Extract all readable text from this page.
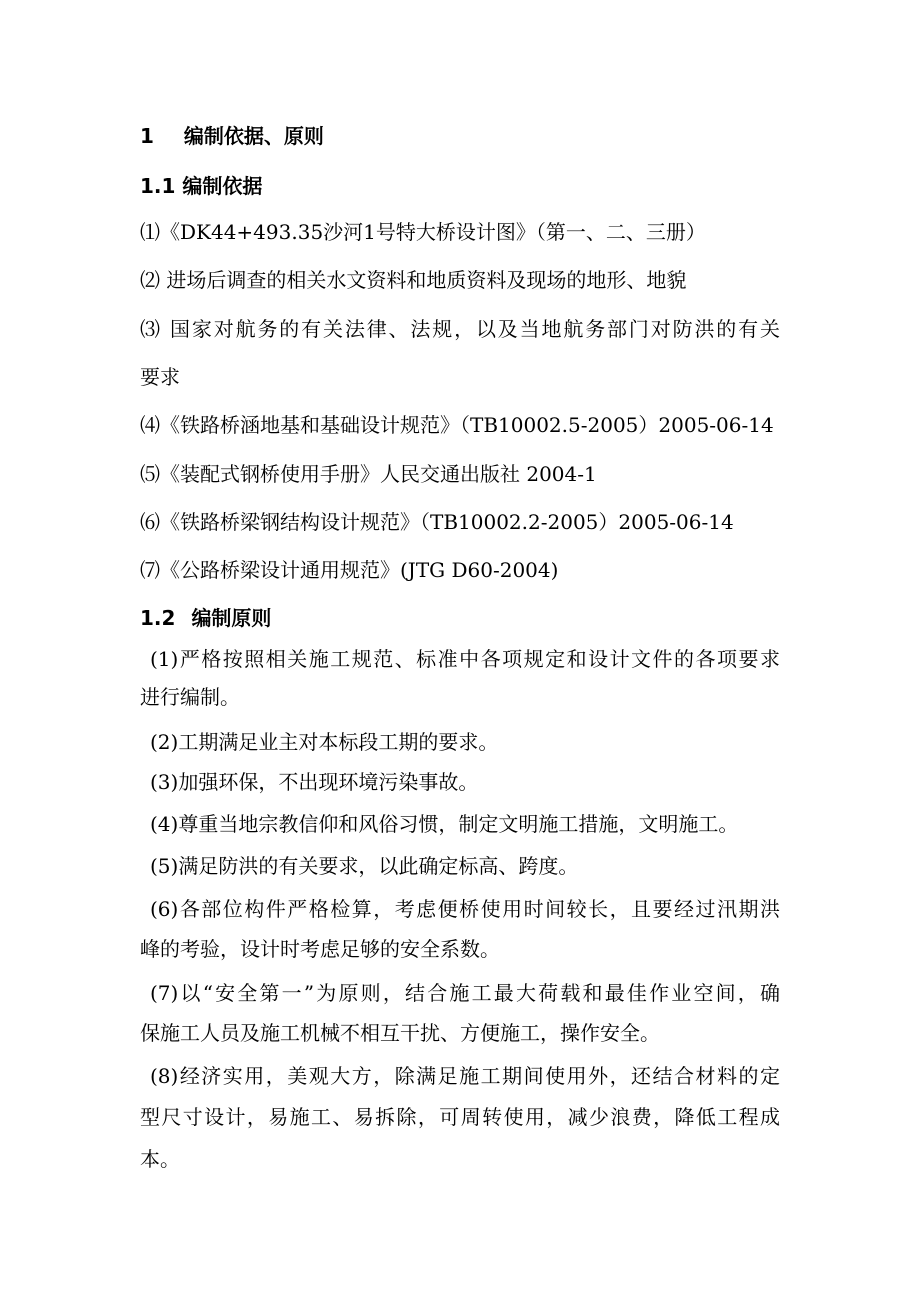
1 编制依据、原则
1.1 编制依据
⑴《DK44+493.35沙河1号特大桥设计图》（第一、二、三册）
⑵ 进场后调查的相关水文资料和地质资料及现场的地形、地貌
⑶ 国家对航务的有关法律、法规，以及当地航务部门对防洪的有关
要求
⑷《铁路桥涵地基和基础设计规范》（TB10002.5-2005）2005-06-14
⑸《装配式钢桥使用手册》人民交通出版社 2004-1
⑹《铁路桥梁钢结构设计规范》（TB10002.2-2005）2005-06-14
⑺《公路桥梁设计通用规范》(JTG D60-2004)
1.2 编制原则
(1)严格按照相关施工规范、标准中各项规定和设计文件的各项要求
进行编制。
(2)工期满足业主对本标段工期的要求。
(3)加强环保，不出现环境污染事故。
(4)尊重当地宗教信仰和风俗习惯，制定文明施工措施，文明施工。
(5)满足防洪的有关要求，以此确定标高、跨度。
(6)各部位构件严格检算，考虑便桥使用时间较长，且要经过汛期洪
峰的考验，设计时考虑足够的安全系数。
(7)以“安全第一”为原则，结合施工最大荷载和最佳作业空间，确
保施工人员及施工机械不相互干扰、方便施工，操作安全。
(8)经济实用，美观大方，除满足施工期间使用外，还结合材料的定
型尺寸设计，易施工、易拆除，可周转使用，减少浪费，降低工程成
本。
